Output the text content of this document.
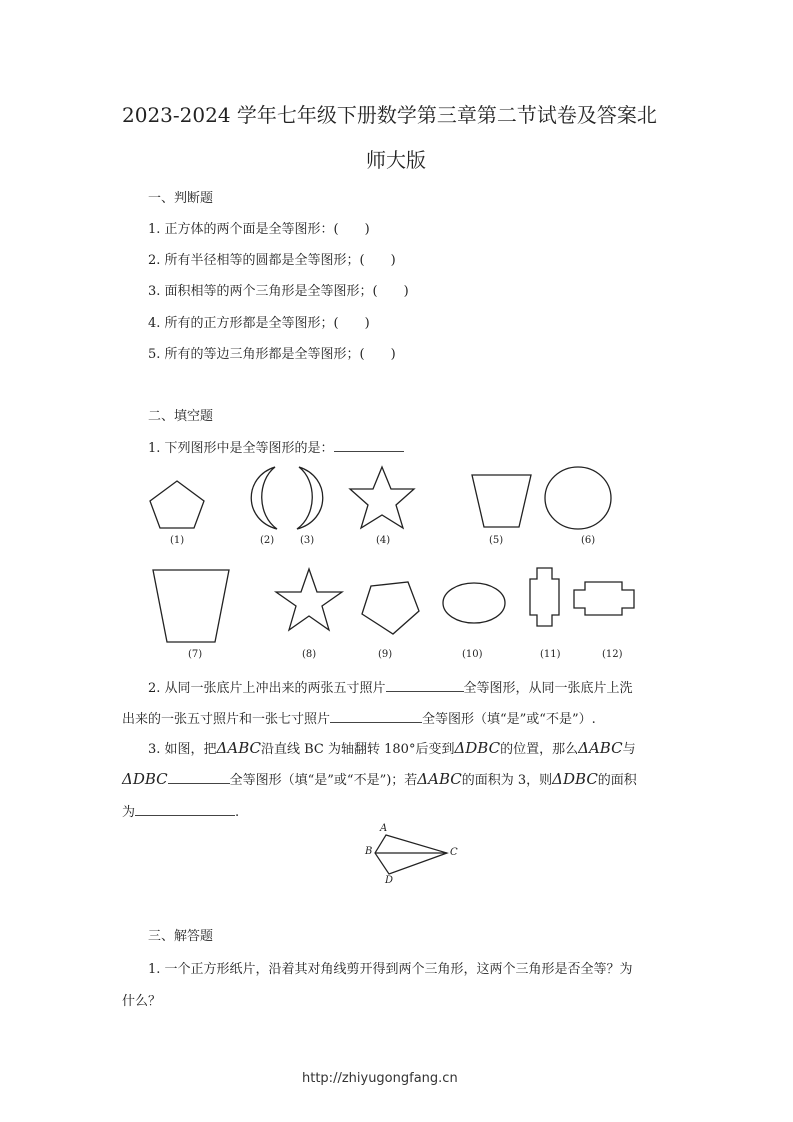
2023-2024 学年七年级下册数学第三章第二节试卷及答案北
师大版
一、判断题
1. 正方体的两个面是全等图形：(　　)
2. 所有半径相等的圆都是全等图形；(　　)
3. 面积相等的两个三角形是全等图形；(　　)
4. 所有的正方形都是全等图形；(　　)
5. 所有的等边三角形都是全等图形；(　　)
二、填空题
1. 下列图形中是全等图形的是：
(1)	(2)	(3)	(4)	(5)	(6)
(7)	(8)	(9)	(10)	(11)	(12)
2. 从同一张底片上冲出来的两张五寸照片	全等图形，从同一张底片上洗
出来的一张五寸照片和一张七寸照片	全等图形（填“是”或“不是”）.
3. 如图，把ΔABC沿直线 BC 为轴翻转 180°后变到ΔDBC的位置，那么ΔABC与
ΔDBC	全等图形（填“是”或“不是”)；若ΔABC的面积为 3，则ΔDBC的面积
为	.
A
B	C
D
三、解答题
1. 一个正方形纸片，沿着其对角线剪开得到两个三角形，这两个三角形是否全等？为
什么？
http://zhiyugongfang.cn
